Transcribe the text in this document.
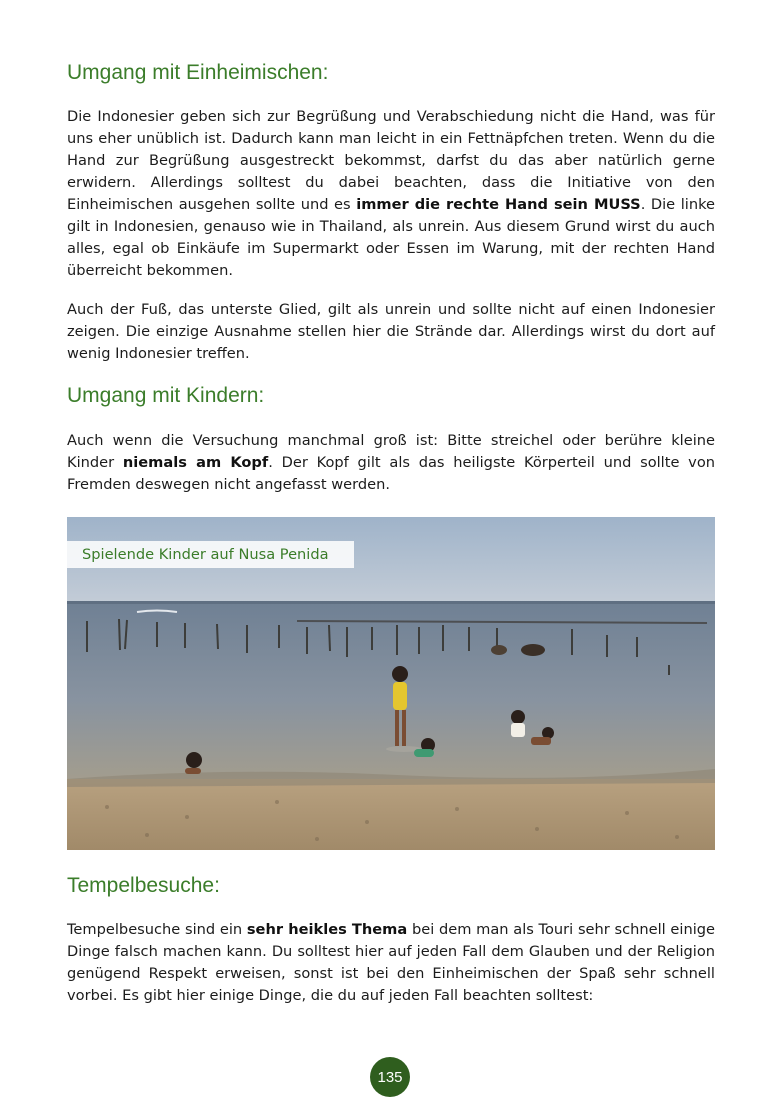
Umgang mit Einheimischen:

Die Indonesier geben sich zur Begrüßung und Verabschiedung nicht die Hand, was für uns eher unüblich ist. Dadurch kann man leicht in ein Fettnäpfchen treten. Wenn du die Hand zur Begrüßung ausgestreckt bekommst, darfst du das aber natürlich gerne erwidern. Allerdings solltest du dabei beachten, dass die Initiative von den Einheimischen ausgehen sollte und es immer die rechte Hand sein MUSS. Die linke gilt in Indonesien, genauso wie in Thailand, als unrein. Aus diesem Grund wirst du auch alles, egal ob Einkäufe im Supermarkt oder Essen im Warung, mit der rechten Hand überreicht bekommen.

Auch der Fuß, das unterste Glied, gilt als unrein und sollte nicht auf einen Indonesier zeigen. Die einzige Ausnahme stellen hier die Strände dar. Allerdings wirst du dort auf wenig Indonesier treffen.

Umgang mit Kindern:

Auch wenn die Versuchung manchmal groß ist: Bitte streichel oder berühre kleine Kinder niemals am Kopf. Der Kopf gilt als das heiligste Körperteil und sollte von Fremden deswegen nicht angefasst werden.

Spielende Kinder auf Nusa Penida
Tempelbesuche:

Tempelbesuche sind ein sehr heikles Thema bei dem man als Touri sehr schnell einige Dinge falsch machen kann. Du solltest hier auf jeden Fall dem Glauben und der Religion genügend Respekt erweisen, sonst ist bei den Einheimischen der Spaß sehr schnell vorbei. Es gibt hier einige Dinge, die du auf jeden Fall beachten solltest:

135
